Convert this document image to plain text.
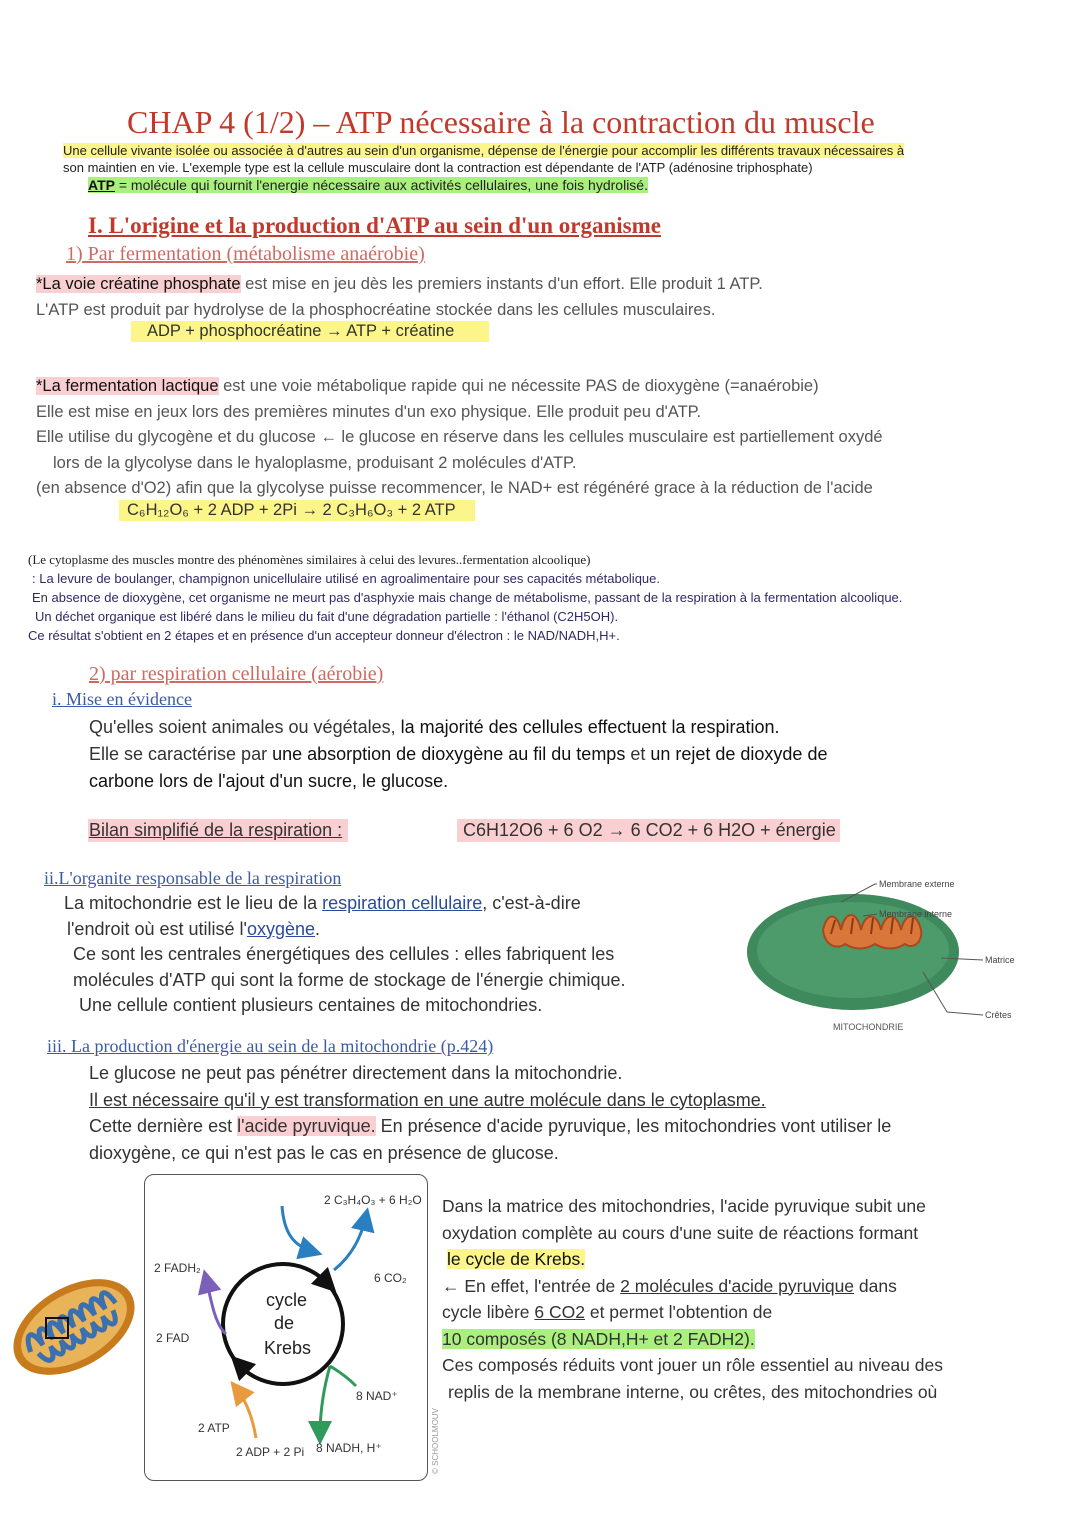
CHAP 4 (1/2) – ATP nécessaire à la contraction du muscle

Une cellule vivante isolée ou associée à d'autres au sein d'un organisme, dépense de l'énergie pour accomplir les différents travaux nécessaires à

son maintien en vie. L'exemple type est la cellule musculaire dont la contraction est dépendante de l'ATP (adénosine triphosphate)

ATP = molécule qui fournit l'energie nécessaire aux activités cellulaires, une fois hydrolisé.
I. L'origine et la production d'ATP au sein d'un organisme
1) Par fermentation (métabolisme anaérobie)

*La voie créatine phosphate est mise en jeu dès les premiers instants d'un effort. Elle produit 1 ATP.

L'ATP est produit par hydrolyse de la phosphocréatine stockée dans les cellules musculaires.

ADP + phosphocréatine → ATP + créatine

*La fermentation lactique est une voie métabolique rapide qui ne nécessite PAS de dioxygène (=anaérobie)

Elle est mise en jeux lors des premières minutes d'un exo physique. Elle produit peu d'ATP.

Elle utilise du glycogène et du glucose ← le glucose en réserve dans les cellules musculaire est partiellement oxydé

lors de la glycolyse dans le hyaloplasme, produisant 2 molécules d'ATP.

(en absence d'O2) afin que la glycolyse puisse recommencer, le NAD+ est régénéré grace à la réduction de l'acide

C₆H₁₂O₆ + 2 ADP + 2Pi → 2 C₃H₆O₃ + 2 ATP

(Le cytoplasme des muscles montre des phénomènes similaires à celui des levures..fermentation alcoolique)

: La levure de boulanger, champignon unicellulaire utilisé en agroalimentaire pour ses capacités métabolique.

En absence de dioxygène, cet organisme ne meurt pas d'asphyxie mais change de métabolisme, passant de la respiration à la fermentation alcoolique.

Un déchet organique est libéré dans le milieu du fait d'une dégradation partielle : l'éthanol (C2H5OH).

Ce résultat s'obtient en 2 étapes et en présence d'un accepteur donneur d'électron : le NAD/NADH,H+.

2) par respiration cellulaire (aérobie)
i. Mise en évidence

Qu'elles soient animales ou végétales, la majorité des cellules effectuent la respiration.

Elle se caractérise par une absorption de dioxygène au fil du temps et un rejet de dioxyde de

carbone lors de l'ajout d'un sucre, le glucose.

Bilan simplifié de la respiration :	C6H12O6 + 6 O2 → 6 CO2 + 6 H2O + énergie
ii.L'organite responsable de la respiration

La mitochondrie est le lieu de la respiration cellulaire, c'est-à-dire

l'endroit où est utilisé l'oxygène.

Ce sont les centrales énergétiques des cellules : elles fabriquent les

molécules d'ATP qui sont la forme de stockage de l'énergie chimique.

Une cellule contient plusieurs centaines de mitochondries.

Membrane externe
Membrane interne
Matrice
Crêtes
MITOCHONDRIE
iii. La production d'énergie au sein de la mitochondrie (p.424)

Le glucose ne peut pas pénétrer directement dans la mitochondrie.

Il est nécessaire qu'il y est transformation en une autre molécule dans le cytoplasme.

Cette dernière est l'acide pyruvique. En présence d'acide pyruvique, les mitochondries vont utiliser le

dioxygène, ce qui n'est pas le cas en présence de glucose.

cycle
de
Krebs
2 C₃H₄O₃ + 6 H₂O
6 CO₂
2 FADH₂
2 FAD
8 NAD⁺
8 NADH, H⁺
2 ATP
2 ADP + 2 Pi	© SCHOOLMOUV

Dans la matrice des mitochondries, l'acide pyruvique subit une

oxydation complète au cours d'une suite de réactions formant

le cycle de Krebs.

← En effet, l'entrée de 2 molécules d'acide pyruvique dans

cycle libère 6 CO2 et permet l'obtention de

10 composés (8 NADH,H+ et 2 FADH2).

Ces composés réduits vont jouer un rôle essentiel au niveau des

replis de la membrane interne, ou crêtes, des mitochondries où
